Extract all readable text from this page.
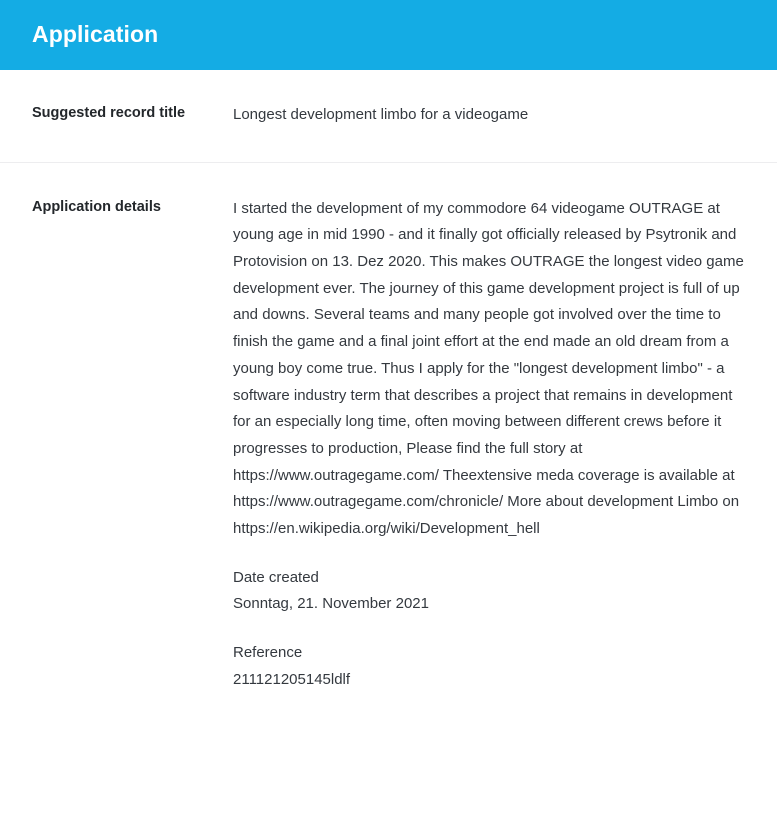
Application
Suggested record title	Longest development limbo for a videogame
Application details	I started the development of my commodore 64 videogame OUTRAGE at young age in mid 1990 - and it finally got officially released by Psytronik and Protovision on 13. Dez 2020. This makes OUTRAGE the longest video game development ever. The journey of this game development project is full of up and downs. Several teams and many people got involved over the time to finish the game and a final joint effort at the end made an old dream from a young boy come true. Thus I apply for the "longest development limbo" - a software industry term that describes a project that remains in development for an especially long time, often moving between different crews before it progresses to production, Please find the full story at https://www.outragegame.com/ Theextensive meda coverage is available at https://www.outragegame.com/chronicle/ More about development Limbo on https://en.wikipedia.org/wiki/Development_hell

Date created

Sonntag, 21. November 2021

Reference

211121205145ldlf
